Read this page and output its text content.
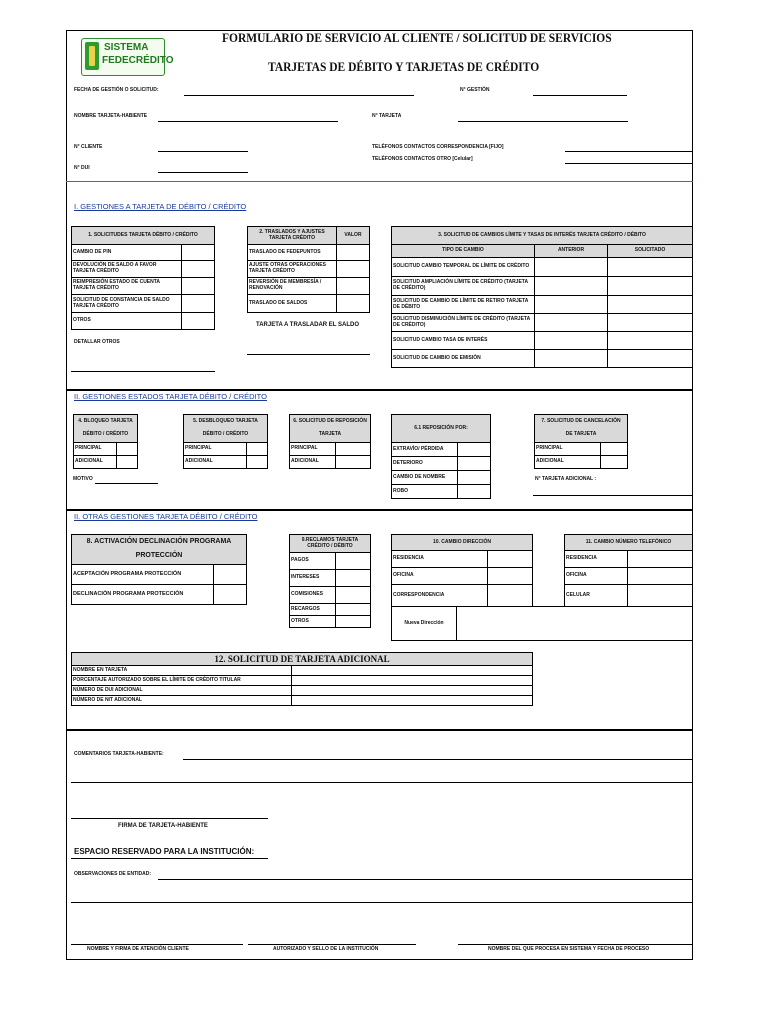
SISTEMA
FEDECRÉDITO
FORMULARIO DE SERVICIO AL CLIENTE / SOLICITUD DE SERVICIOS
TARJETAS DE DÉBITO Y TARJETAS DE CRÉDITO
FECHA DE GESTIÓN O SOLICITUD:	N° GESTIÓN
NOMBRE TARJETA-HABIENTE	N° TARJETA
N° CLIENTE	TELÉFONOS CONTACTOS CORRESPONDENCIA [FIJO]
TELÉFONOS CONTACTOS OTRO [Celular]
N° DUI
I. GESTIONES A TARJETA DE DÉBITO / CRÉDITO
1. SOLICITUDES TARJETA DÉBITO / CRÉDITO	
CAMBIO DE PIN	
DEVOLUCIÓN DE SALDO A FAVOR TARJETA CRÉDITO	
REIMPRESIÓN ESTADO DE CUENTA TARJETA CRÉDITO	
SOLICITUD DE CONSTANCIA DE SALDO TARJETA CRÉDITO	
OTROS	
DETALLAR OTROS
2. TRASLADOS Y AJUSTES TARJETA CRÉDITO	VALOR
TRASLADO DE FEDEPUNTOS	
AJUSTE OTRAS OPERACIONES TARJETA CRÉDITO	
REVERSIÓN DE MEMBRESÍA / RENOVACIÓN	
TRASLADO DE SALDOS	
TARJETA A TRASLADAR EL SALDO
3. SOLICITUD DE CAMBIOS LÍMITE Y TASAS DE INTERÉS TARJETA CRÉDITO / DÉBITO		
TIPO DE CAMBIO	ANTERIOR	SOLICITADO
SOLICITUD CAMBIO TEMPORAL DE LÍMITE DE CRÉDITO		
SOLICITUD AMPLIACIÓN LÍMITE DE CRÉDITO (TARJETA DE CRÉDITO)		
SOLICITUD DE CAMBIO DE LÍMITE DE RETIRO TARJETA DE DÉBITO		
SOLICITUD DISMINUCIÓN LÍMITE DE CRÉDITO (TARJETA DE CRÉDITO)		
SOLICITUD CAMBIO TASA DE INTERÉS		
SOLICITUD DE CAMBIO DE EMISIÓN		
II. GESTIONES ESTADOS TARJETA DÉBITO / CRÉDITO
4. BLOQUEO TARJETA	
DÉBITO / CRÉDITO	
PRINCIPAL	
ADICIONAL	
MOTIVO
5. DESBLOQUEO TARJETA	
DÉBITO / CRÉDITO	
PRINCIPAL	
ADICIONAL	
6. SOLICITUD DE REPOSICIÓN	
TARJETA	
PRINCIPAL	
ADICIONAL	
6.1 REPOSICIÓN POR:	
EXTRAVÍO/ PÉRDIDA	
DETERIORO	
CAMBIO DE NOMBRE	
ROBO	
7. SOLICITUD DE CANCELACIÓN	
DE TARJETA	
PRINCIPAL	
ADICIONAL	
N° TARJETA ADICIONAL :
II. OTRAS GESTIONES TARJETA DÉBITO / CRÉDITO
8. ACTIVACIÓN DECLINACIÓN PROGRAMA	
PROTECCIÓN	
ACEPTACIÓN PROGRAMA PROTECCIÓN	
DECLINACIÓN PROGRAMA PROTECCIÓN	
9.RECLAMOS TARJETA CRÉDITO / DÉBITO	
PAGOS	
INTERESES	
COMISIONES	
RECARGOS	
OTROS	
10. CAMBIO DIRECCIÓN	
RESIDENCIA	
OFICINA	
CORRESPONDENCIA	
Nueva Dirección	
11. CAMBIO NÚMERO TELEFÓNICO	
RESIDENCIA	
OFICINA	
CELULAR	
12. SOLICITUD DE TARJETA ADICIONAL	
NOMBRE EN TARJETA	
PORCENTAJE AUTORIZADO SOBRE EL LÍMITE DE CRÉDITO TITULAR	
NÚMERO DE DUI ADICIONAL	
NÚMERO DE NIT ADICIONAL	
COMENTARIOS TARJETA-HABIENTE:
FIRMA DE TARJETA-HABIENTE
ESPACIO RESERVADO PARA LA INSTITUCIÓN:
OBSERVACIONES DE ENTIDAD:
NOMBRE Y FIRMA DE ATENCIÓN CLIENTE	AUTORIZADO Y SELLO DE LA INSTITUCIÓN	NOMBRE DEL QUE PROCESA EN SISTEMA Y FECHA DE PROCESO
